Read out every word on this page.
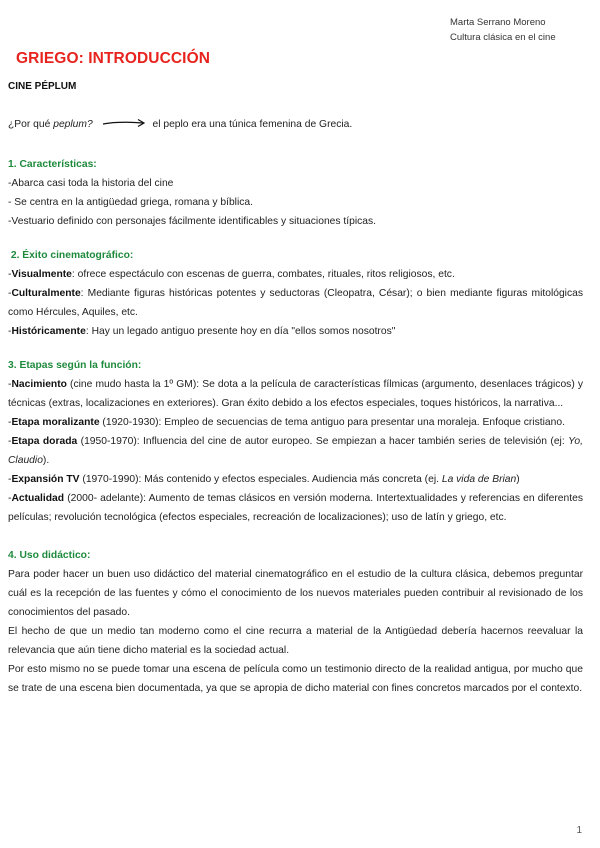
Marta Serrano Moreno
Cultura clásica en el cine
GRIEGO: INTRODUCCIÓN
CINE PÉPLUM
¿Por qué peplum?	el peplo era una túnica femenina de Grecia.

1. Características:

-Abarca casi toda la historia del cine

- Se centra en la antigüedad griega, romana y bíblica.

-Vestuario definido con personajes fácilmente identificables y situaciones típicas.

2. Éxito cinematográfico:

-Visualmente: ofrece espectáculo con escenas de guerra, combates, rituales, ritos religiosos, etc.

-Culturalmente: Mediante figuras históricas potentes y seductoras (Cleopatra, César); o bien mediante figuras mitológicas como Hércules, Aquiles, etc.

-Históricamente: Hay un legado antiguo presente hoy en día "ellos somos nosotros"

3. Etapas según la función:

-Nacimiento (cine mudo hasta la 1º GM): Se dota a la película de características fílmicas (argumento, desenlaces trágicos) y técnicas (extras, localizaciones en exteriores). Gran éxito debido a los efectos especiales, toques históricos, la narrativa...

-Etapa moralizante (1920-1930): Empleo de secuencias de tema antiguo para presentar una moraleja. Enfoque cristiano.

-Etapa dorada (1950-1970): Influencia del cine de autor europeo. Se empiezan a hacer también series de televisión (ej: Yo, Claudio).

-Expansión TV (1970-1990): Más contenido y efectos especiales. Audiencia más concreta (ej. La vida de Brian)

-Actualidad (2000- adelante): Aumento de temas clásicos en versión moderna. Intertextualidades y referencias en diferentes películas; revolución tecnológica (efectos especiales, recreación de localizaciones); uso de latín y griego, etc.

4. Uso didáctico:

Para poder hacer un buen uso didáctico del material cinematográfico en el estudio de la cultura clásica, debemos preguntar cuál es la recepción de las fuentes y cómo el conocimiento de los nuevos materiales pueden contribuir al revisionado de los conocimientos del pasado.

El hecho de que un medio tan moderno como el cine recurra a material de la Antigüedad debería hacernos reevaluar la relevancia que aún tiene dicho material es la sociedad actual.

Por esto mismo no se puede tomar una escena de película como un testimonio directo de la realidad antigua, por mucho que se trate de una escena bien documentada, ya que se apropia de dicho material con fines concretos marcados por el contexto.

1
